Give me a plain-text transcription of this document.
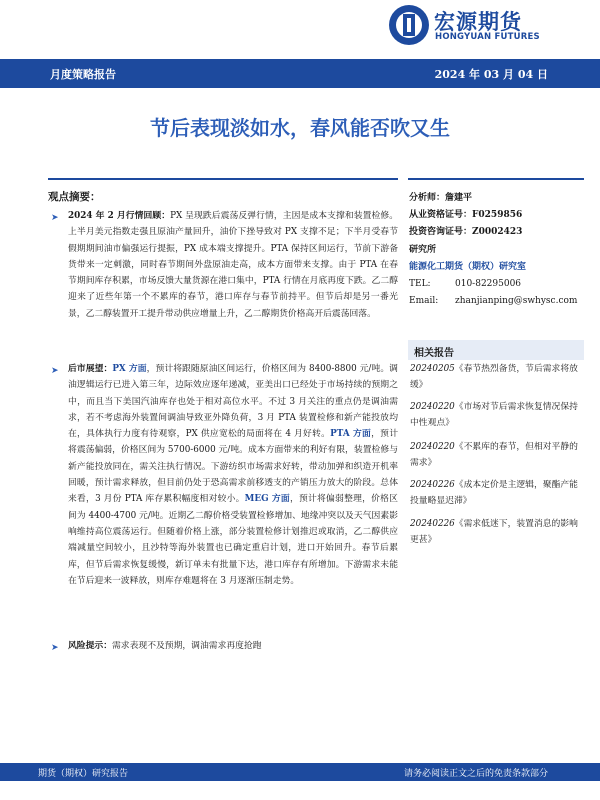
宏源期货
HONGYUAN FUTURES
月度策略报告	2024 年 03 月 04 日
节后表现淡如水，春风能否吹又生
观点摘要：
➤ 2024 年 2 月行情回顾：PX 呈现跌后震荡反弹行情，主因是成本支撑和装置检修。上半月美元指数走强且原油产量回升，油价下挫导致对 PX 支撑不足；下半月受春节假期期间油市偏强运行提振，PX 成本端支撑提升。PTA 保持区间运行，节前下游备货带来一定刺激，同时春节期间外盘原油走高，成本方面带来支撑。由于 PTA 在春节期间库存积累，市场反馈大量货源在港口集中，PTA 行情在月底再度下跌。乙二醇迎来了近些年第一个不累库的春节，港口库存与春节前持平。但节后却是另一番光景，乙二醇装置开工提升带动供应增量上升，乙二醇期货价格高开后震荡回落。
➤ 后市展望：PX 方面，预计将跟随原油区间运行，价格区间为 8400-8800 元/吨。调油逻辑运行已进入第三年，边际效应逐年递减，亚美出口已经处于市场持续的预期之中，而且当下美国汽油库存也处于相对高位水平。不过 3 月关注的重点仍是调油需求，若不考虑海外装置间调油导致亚外降负荷，3 月 PTA 装置检修和新产能投放均在，具体执行力度有待观察，PX 供应宽松的局面将在 4 月好转。PTA 方面，预计将震荡偏弱，价格区间为 5700-6000 元/吨。成本方面带来的利好有限，装置检修与新产能投放同在，需关注执行情况。下游纺织市场需求好转，带动加弹和织造开机率回暖，预计需求释放，但目前仍处于恐高需求前移透支的产销压力放大的阶段。总体来看，3 月份 PTA 库存累积幅度相对较小。MEG 方面，预计将偏弱整理，价格区间为 4400-4700 元/吨。近期乙二醇价格受装置检修增加、地缘冲突以及天气因素影响维持高位震荡运行。但随着价格上涨，部分装置检修计划推迟或取消，乙二醇供应端减量空间较小，且沙特等海外装置也已确定重启计划，进口开始回升。春节后累库，但节后需求恢复缓慢，新订单未有批量下达，港口库存有所增加。下游需求未能在节后迎来一波释放，则库存难题将在 3 月逐渐压制走势。
➤ 风险提示：需求表现不及预期，调油需求再度抢跑
分析师：詹建平
从业资格证号：F0259856
投资咨询证号：Z0002423
研究所
能源化工期货（期权）研究室
TEL:	010-82295006
Email: zhanjianping@swhysc.com
相关报告
20240205《春节热烈备货，节后需求将放缓》
20240220《市场对节后需求恢复情况保持中性观点》
20240220《不累库的春节，但相对平静的需求》
20240226《成本定价是主逻辑，聚酯产能投量略显迟滞》
20240226《需求低迷下，装置消息的影响更甚》
期货（期权）研究报告	请务必阅读正文之后的免责条款部分
